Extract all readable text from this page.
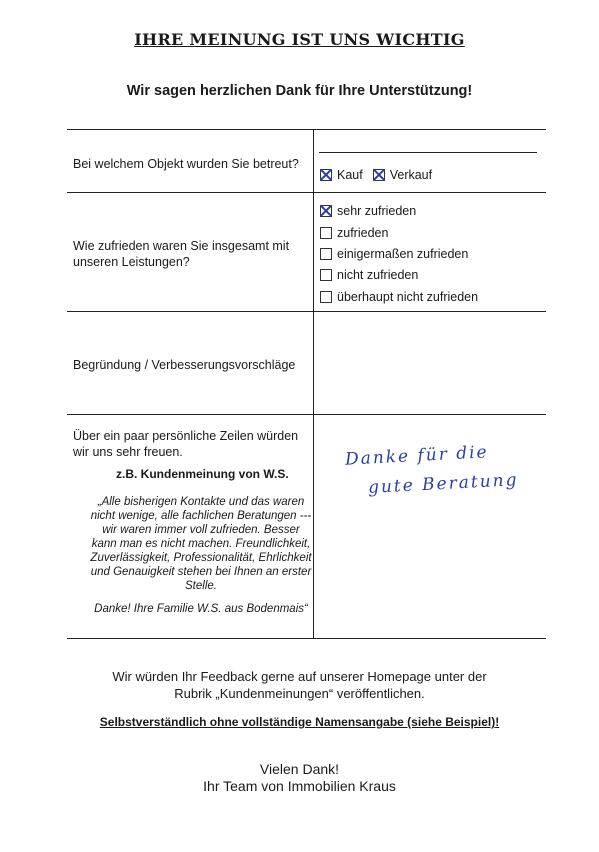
IHRE MEINUNG IST UNS WICHTIG
Wir sagen herzlichen Dank für Ihre Unterstützung!
Bei welchem Objekt wurden Sie betreut?
Kauf Verkauf
Wie zufrieden waren Sie insgesamt mit unseren Leistungen?
sehr zufrieden
zufrieden
einigermaßen zufrieden
nicht zufrieden
überhaupt nicht zufrieden
Begründung / Verbesserungsvorschläge
Über ein paar persönliche Zeilen würden wir uns sehr freuen.
z.B. Kundenmeinung von W.S.
„Alle bisherigen Kontakte und das waren nicht wenige, alle fachlichen Beratungen --- wir waren immer voll zufrieden. Besser kann man es nicht machen. Freundlichkeit, Zuverlässigkeit, Professionalität, Ehrlichkeit und Genauigkeit stehen bei Ihnen an erster Stelle.
Danke! Ihre Familie W.S. aus Bodenmais“
Danke für die
gute Beratung
Wir würden Ihr Feedback gerne auf unserer Homepage unter der Rubrik „Kundenmeinungen“ veröffentlichen.
Selbstverständlich ohne vollständige Namensangabe (siehe Beispiel)!
Vielen Dank!
Ihr Team von Immobilien Kraus
